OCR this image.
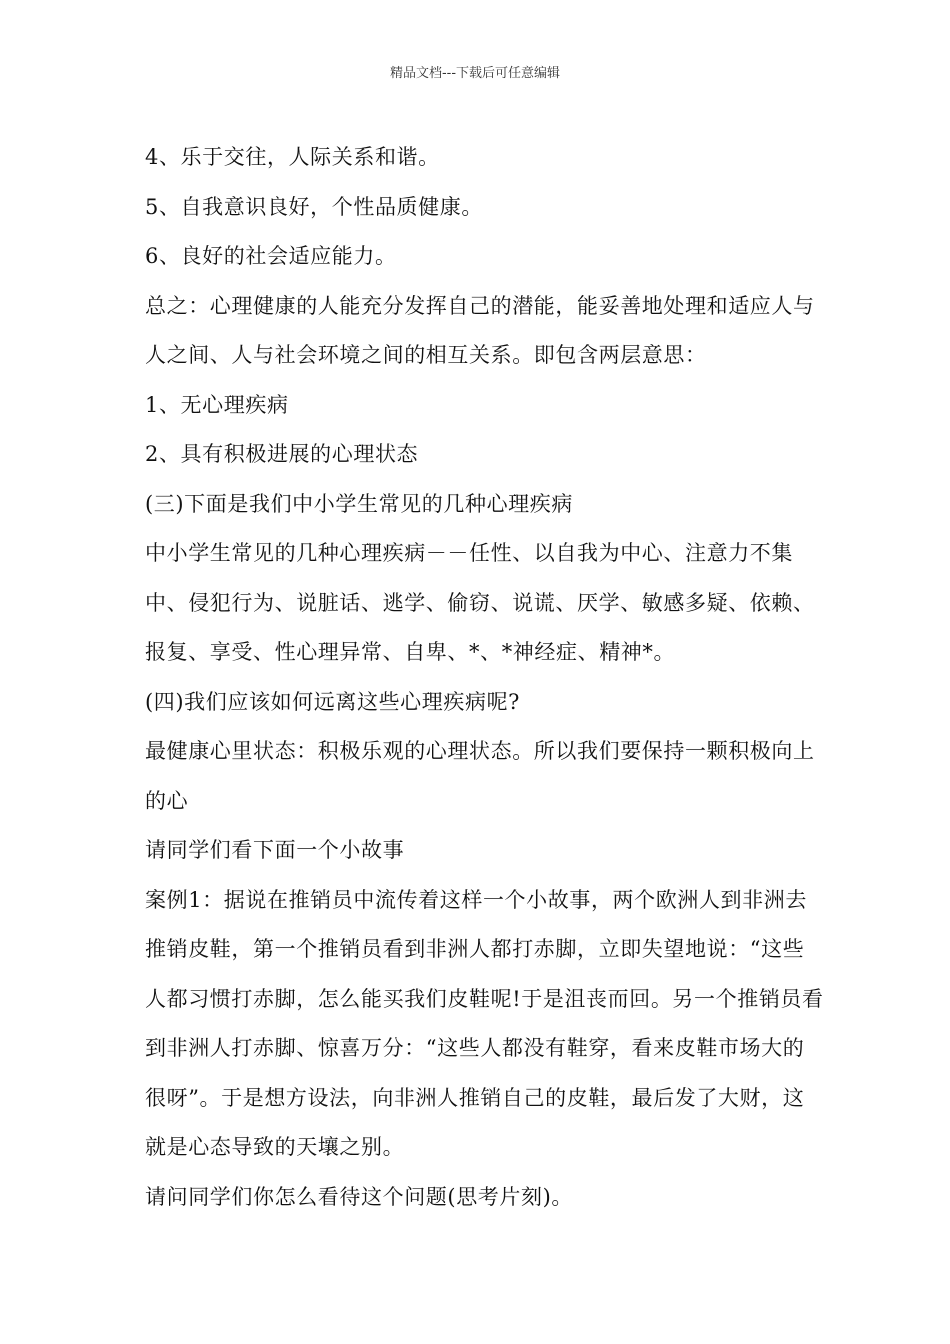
精品文档---下载后可任意编辑

4、乐于交往，人际关系和谐。

5、自我意识良好，个性品质健康。

6、良好的社会适应能力。

总之：心理健康的人能充分发挥自己的潜能，能妥善地处理和适应人与人之间、人与社会环境之间的相互关系。即包含两层意思：

1、无心理疾病

2、具有积极进展的心理状态

(三)下面是我们中小学生常见的几种心理疾病

中小学生常见的几种心理疾病－－任性、以自我为中心、注意力不集中、侵犯行为、说脏话、逃学、偷窃、说谎、厌学、敏感多疑、依赖、报复、享受、性心理异常、自卑、*、*神经症、精神*。

(四)我们应该如何远离这些心理疾病呢?

最健康心里状态：积极乐观的心理状态。所以我们要保持一颗积极向上的心

请同学们看下面一个小故事

案例1：据说在推销员中流传着这样一个小故事，两个欧洲人到非洲去推销皮鞋，第一个推销员看到非洲人都打赤脚，立即失望地说：“这些人都习惯打赤脚，怎么能买我们皮鞋呢!于是沮丧而回。另一个推销员看到非洲人打赤脚、惊喜万分：“这些人都没有鞋穿，看来皮鞋市场大的很呀”。于是想方设法，向非洲人推销自己的皮鞋，最后发了大财，这就是心态导致的天壤之别。

请问同学们你怎么看待这个问题(思考片刻)。
